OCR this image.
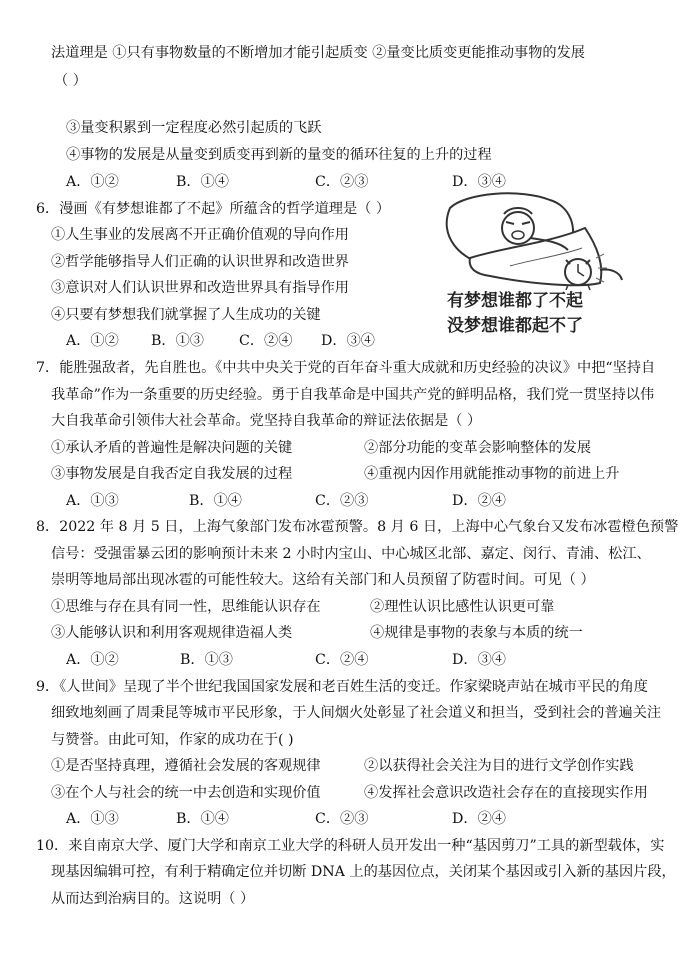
法道理是 ①只有事物数量的不断增加才能引起质变 ②量变比质变更能推动事物的发展
（ ）
③量变积累到一定程度必然引起质的飞跃
④事物的发展是从量变到质变再到新的量变的循环往复的上升的过程
A．①②	B．①④	C．②③	D．③④
6．漫画《有梦想谁都了不起》所蕴含的哲学道理是（ ）
①人生事业的发展离不开正确价值观的导向作用
②哲学能够指导人们正确的认识世界和改造世界
③意识对人们认识世界和改造世界具有指导作用
④只要有梦想我们就掌握了人生成功的关键
A．①② B．①③ C．②④ D．③④
有梦想谁都了不起
没梦想谁都起不了
7．能胜强敌者，先自胜也。《中共中央关于党的百年奋斗重大成就和历史经验的决议》中把“坚持自
我革命”作为一条重要的历史经验。勇于自我革命是中国共产党的鲜明品格，我们党一贯坚持以伟
大自我革命引领伟大社会革命。党坚持自我革命的辩证法依据是（ ）
①承认矛盾的普遍性是解决问题的关键	②部分功能的变革会影响整体的发展
③事物发展是自我否定自我发展的过程	④重视内因作用就能推动事物的前进上升
A．①③	B．①④	C．②③	D．②④
8．2022 年 8 月 5 日，上海气象部门发布冰雹预警。8 月 6 日，上海中心气象台又发布冰雹橙色预警
信号：受强雷暴云团的影响预计未来 2 小时内宝山、中心城区北部、嘉定、闵行、青浦、松江、
崇明等地局部出现冰雹的可能性较大。这给有关部门和人员预留了防雹时间。可见（ ）
①思维与存在具有同一性，思维能认识存在	②理性认识比感性认识更可靠
③人能够认识和利用客观规律造福人类	④规律是事物的表象与本质的统一
A．①②	B．①③	C．②④	D．③④
9．《人世间》呈现了半个世纪我国国家发展和老百姓生活的变迁。作家梁晓声站在城市平民的角度
细致地刻画了周秉昆等城市平民形象，于人间烟火处彰显了社会道义和担当，受到社会的普遍关注
与赞誉。由此可知，作家的成功在于( )
①是否坚持真理，遵循社会发展的客观规律	②以获得社会关注为目的进行文学创作实践
③在个人与社会的统一中去创造和实现价值	④发挥社会意识改造社会存在的直接现实作用
A．①③	B．①④	C．②③	D．②④
10．来自南京大学、厦门大学和南京工业大学的科研人员开发出一种“基因剪刀”工具的新型载体，实
现基因编辑可控，有利于精确定位并切断 DNA 上的基因位点，关闭某个基因或引入新的基因片段，
从而达到治病目的。这说明（ ）
